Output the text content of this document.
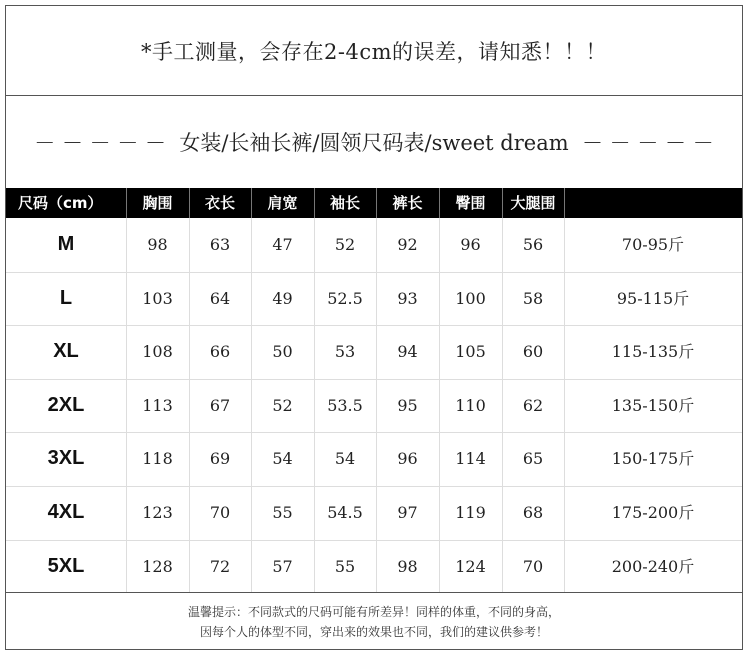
*手工测量，会存在2-4cm的误差，请知悉！！！
－ － － － －  女装/长袖长裤/圆领尺码表/sweet dream  － － － － －
尺码（cm）	胸围	衣长	肩宽	袖长	裤长	臀围	大腿围
M	98	63	47	52	92	96	56	70-95斤
L	103	64	49	52.5	93	100	58	95-115斤
XL	108	66	50	53	94	105	60	115-135斤
2XL	113	67	52	53.5	95	110	62	135-150斤
3XL	118	69	54	54	96	114	65	150-175斤
4XL	123	70	55	54.5	97	119	68	175-200斤
5XL	128	72	57	55	98	124	70	200-240斤
温馨提示：不同款式的尺码可能有所差异！同样的体重，不同的身高，
因每个人的体型不同，穿出来的效果也不同，我们的建议供参考！
